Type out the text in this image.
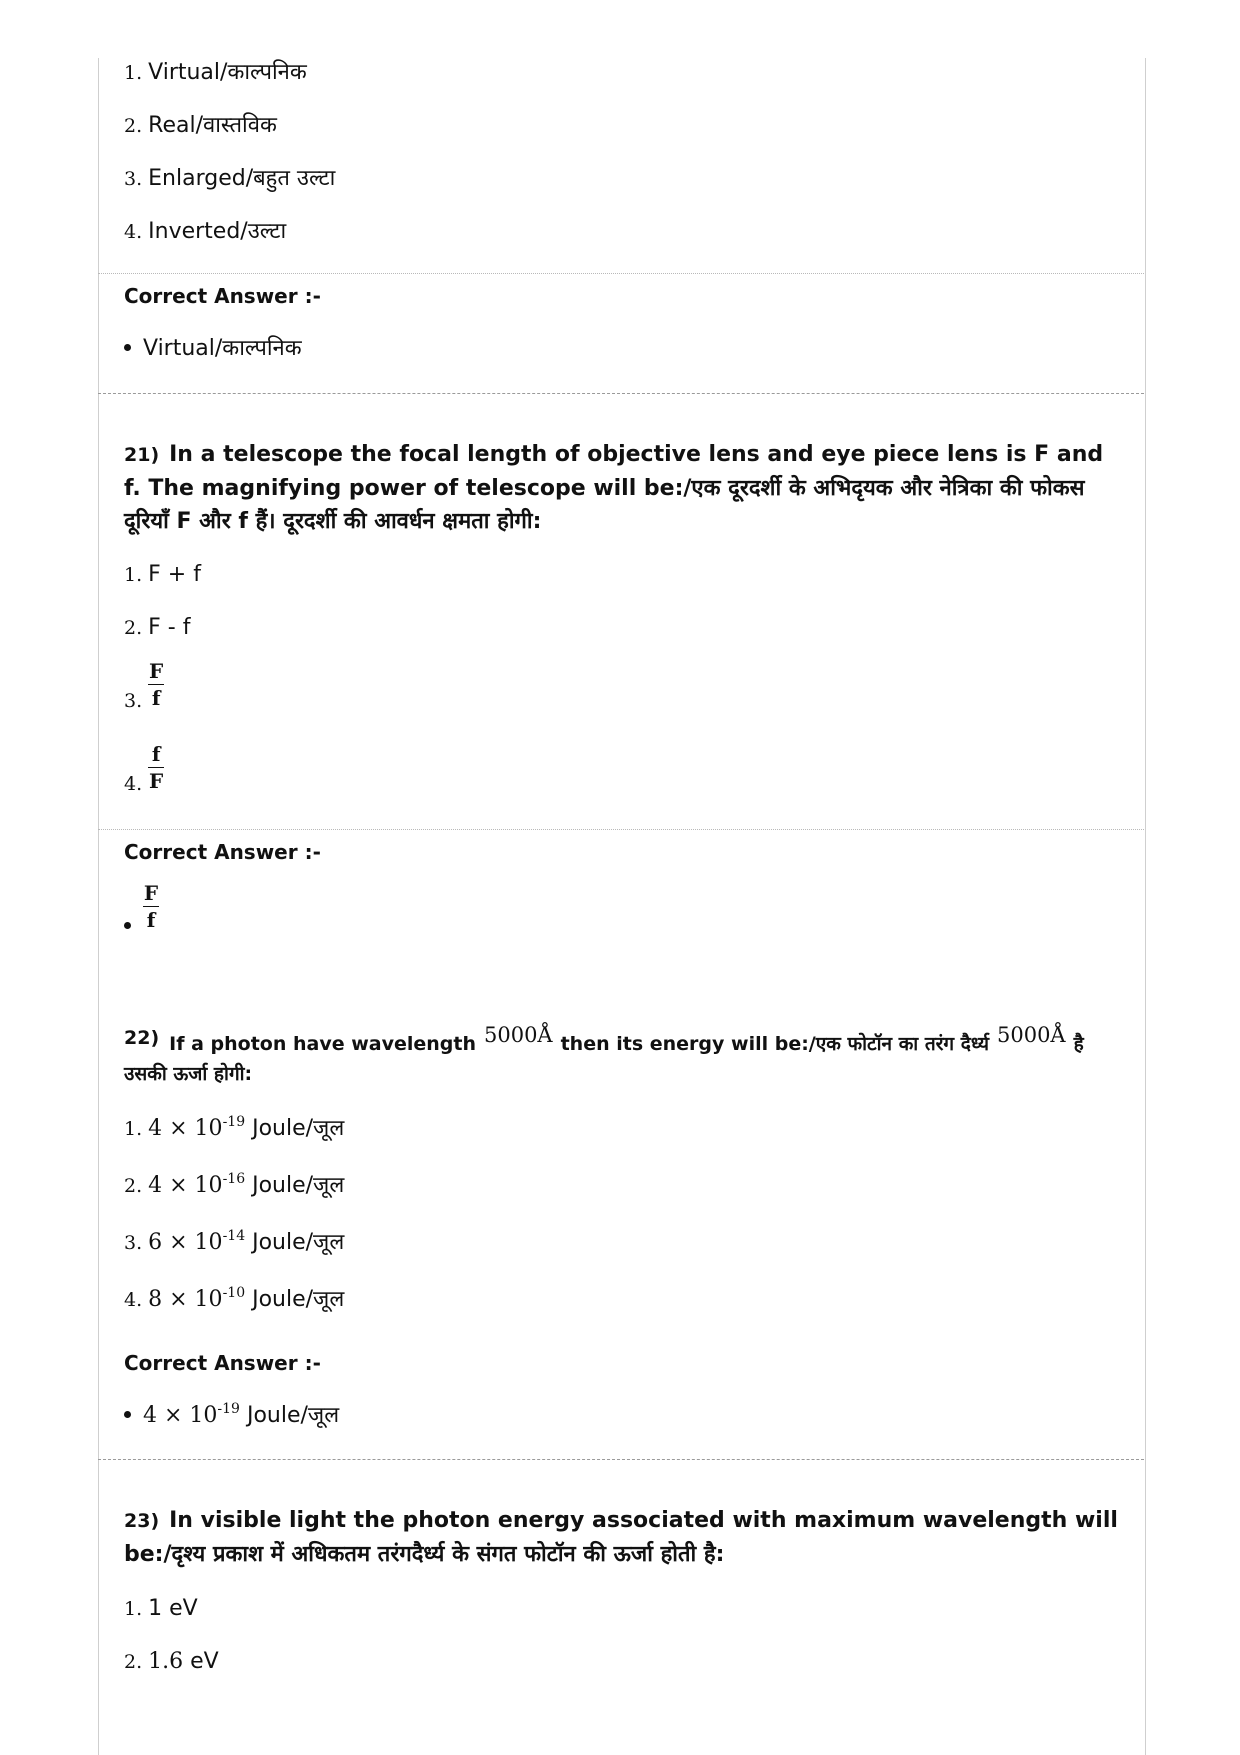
1. Virtual/काल्पनिक
2. Real/वास्तविक
3. Enlarged/बहुत उल्टा
4. Inverted/उल्टा
Correct Answer :-
Virtual/काल्पनिक
21) In a telescope the focal length of objective lens and eye piece lens is F and f. The magnifying power of telescope will be:/एक दूरदर्शी के अभिदृयक और नेत्रिका की फोकस दूरियाँ F और f हैं। दूरदर्शी की आवर्धन क्षमता होगी:
1. F + f
2. F - f
3. $\frac{F}{f}$
4. $\frac{f}{F}$
Correct Answer :-
$\frac{F}{f}$
22) If a photon have wavelength 5000Å then its energy will be:/एक फोटॉन का तरंग दैर्ध्य 5000Å है उसकी ऊर्जा होगी:
1. $4 \times 10^{-19}$ Joule/जूल
2. $4 \times 10^{-16}$ Joule/जूल
3. $6 \times 10^{-14}$ Joule/जूल
4. $8 \times 10^{-10}$ Joule/जूल
Correct Answer :-
$4 \times 10^{-19}$ Joule/जूल
23) In visible light the photon energy associated with maximum wavelength will be:/दृश्य प्रकाश में अधिकतम तरंगदैर्ध्य के संगत फोटॉन की ऊर्जा होती है:
1. 1 eV
2. 1.6 eV
